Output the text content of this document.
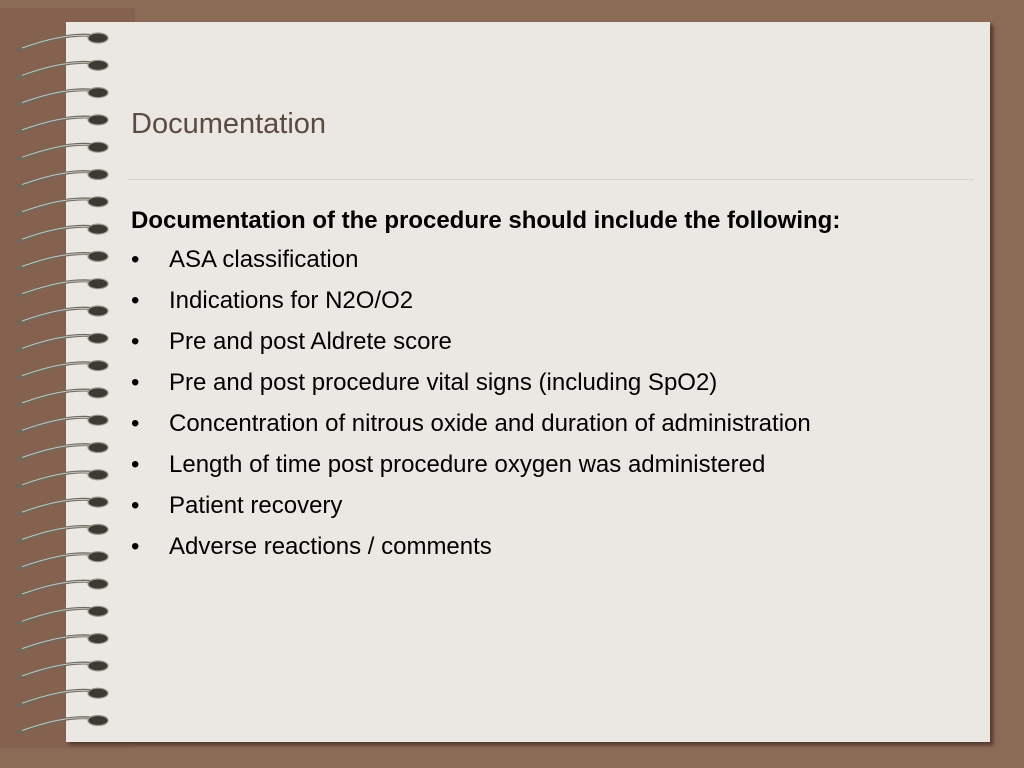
Documentation

Documentation of the procedure should include the following:

•	ASA classification
•	Indications for N2O/O2
•	Pre and post Aldrete score
•	Pre and post procedure vital signs (including SpO2)
•	Concentration of nitrous oxide and duration of administration
•	Length of time post procedure oxygen was administered
•	Patient recovery
•	Adverse reactions / comments
